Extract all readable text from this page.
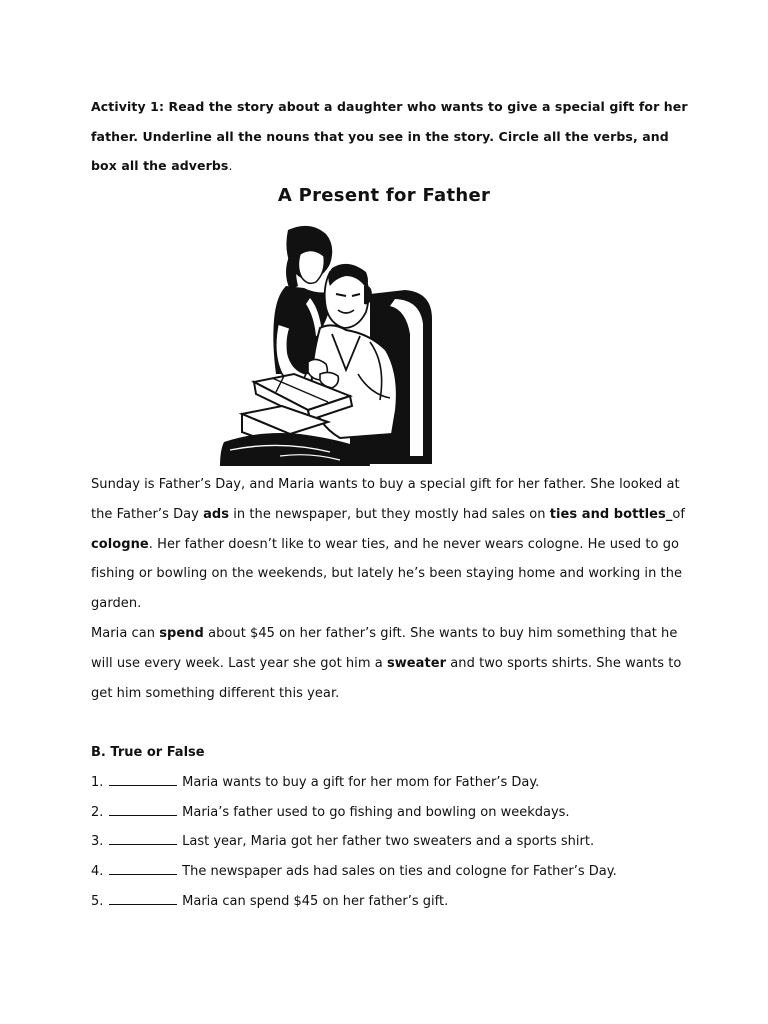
Activity 1: Read the story about a daughter who wants to give a special gift for her father. Underline all the nouns that you see in the story. Circle all the verbs, and box all the adverbs.
A Present for Father

Sunday is Father’s Day, and Maria wants to buy a special gift for her father. She looked at the Father’s Day ads in the newspaper, but they mostly had sales on ties and bottles_of cologne. Her father doesn’t like to wear ties, and he never wears cologne. He used to go fishing or bowling on the weekends, but lately he’s been staying home and working in the garden.

Maria can spend about $45 on her father’s gift. She wants to buy him something that he will use every week. Last year she got him a sweater and two sports shirts. She wants to get him something different this year.

B. True or False

1.	Maria wants to buy a gift for her mom for Father’s Day.

2.	Maria’s father used to go fishing and bowling on weekdays.

3.	Last year, Maria got her father two sweaters and a sports shirt.

4.	The newspaper ads had sales on ties and cologne for Father’s Day.

5.	Maria can spend $45 on her father’s gift.
